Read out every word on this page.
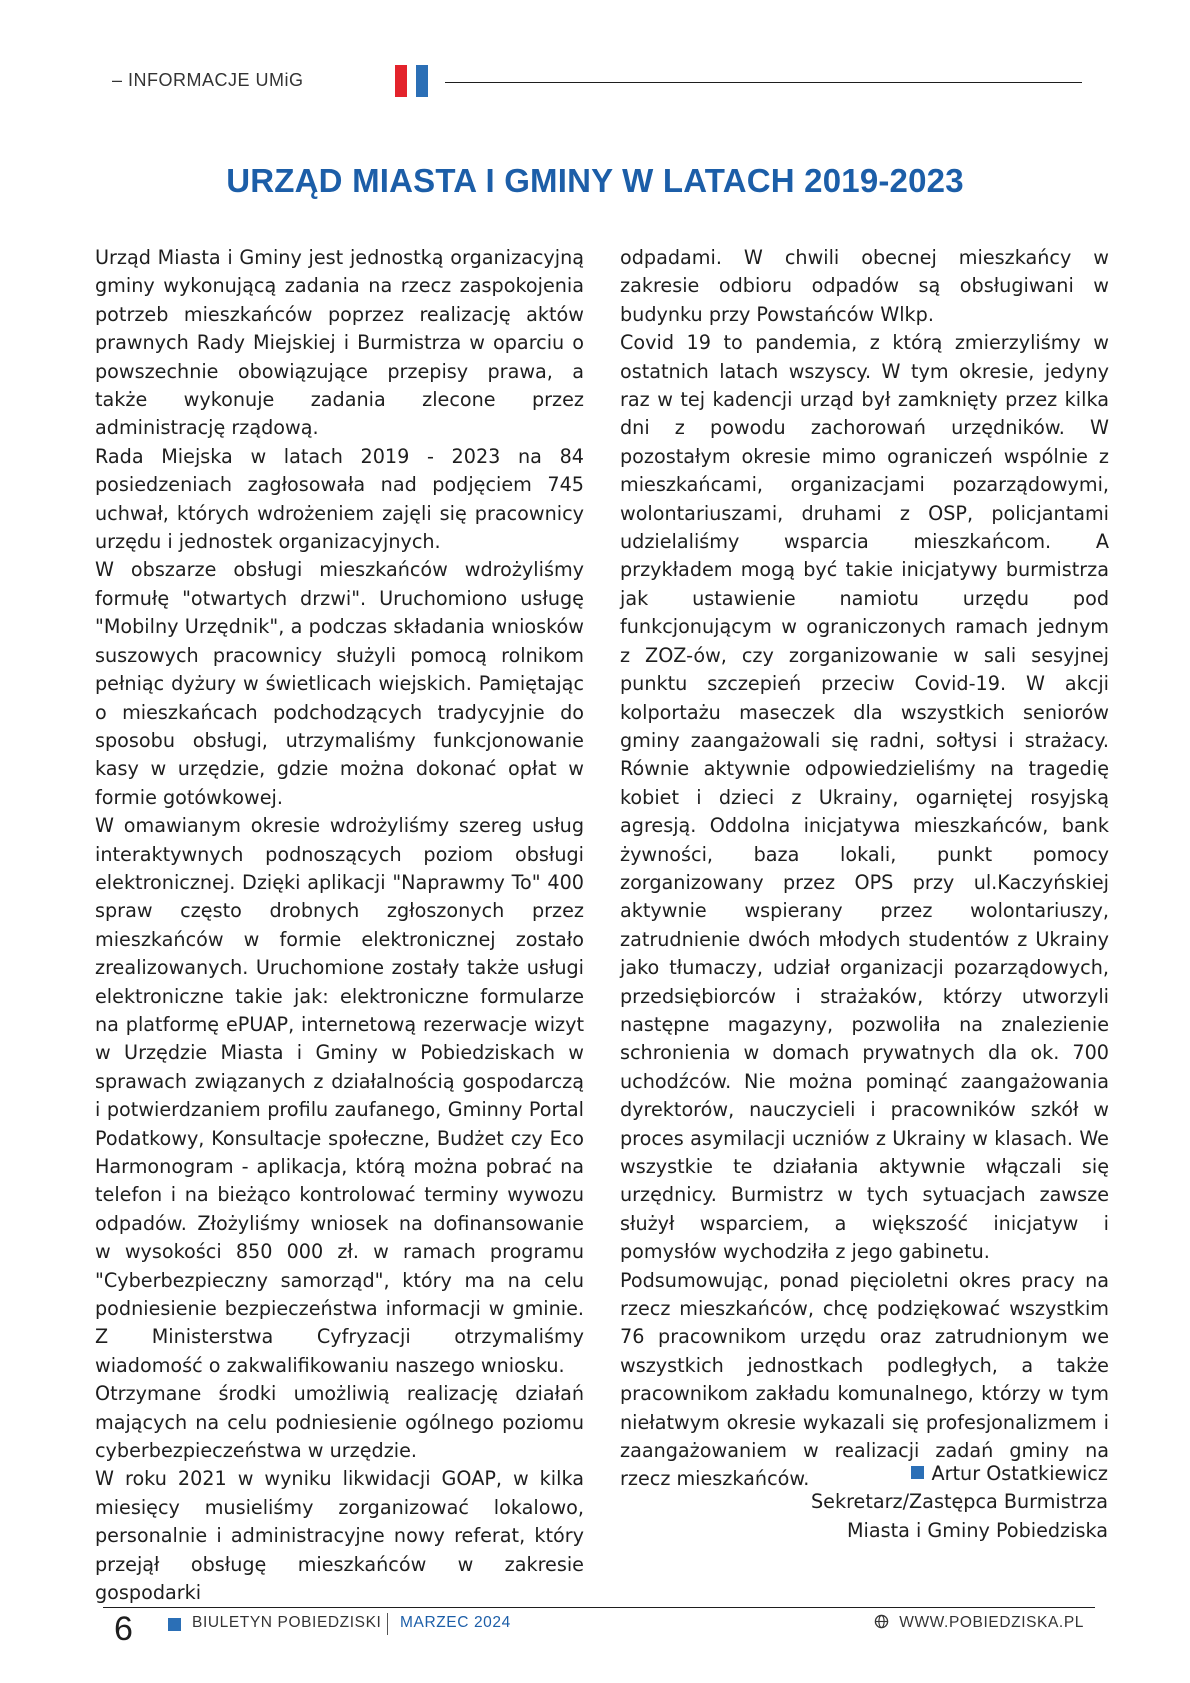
– INFORMACJE UMiG
URZĄD MIASTA I GMINY W LATACH 2019-2023

Urząd Miasta i Gminy jest jednostką organizacyjną gminy wykonującą zadania na rzecz zaspokojenia potrzeb mieszkańców poprzez realizację aktów prawnych Rady Miejskiej i Burmistrza w oparciu o powszechnie obowiązujące przepisy prawa, a także wykonuje zadania zlecone przez administrację rządową.

Rada Miejska w latach 2019 - 2023 na 84 posiedzeniach zagłosowała nad podjęciem 745 uchwał, których wdrożeniem zajęli się pracownicy urzędu i jednostek organizacyjnych.

W obszarze obsługi mieszkańców wdrożyliśmy formułę "otwartych drzwi". Uruchomiono usługę "Mobilny Urzędnik", a podczas składania wniosków suszowych pracownicy służyli pomocą rolnikom pełniąc dyżury w świetlicach wiejskich. Pamiętając o mieszkańcach podchodzących tradycyjnie do sposobu obsługi, utrzymaliśmy funkcjonowanie kasy w urzędzie, gdzie można dokonać opłat w formie gotówkowej.

W omawianym okresie wdrożyliśmy szereg usług interaktywnych podnoszących poziom obsługi elektronicznej. Dzięki aplikacji "Naprawmy To" 400 spraw często drobnych zgłoszonych przez mieszkańców w formie elektronicznej zostało zrealizowanych. Uruchomione zostały także usługi elektroniczne takie jak: elektroniczne formularze na platformę ePUAP, internetową rezerwacje wizyt w Urzędzie Miasta i Gminy w Pobiedziskach w sprawach związanych z działalnością gospodarczą i potwierdzaniem profilu zaufanego, Gminny Portal Podatkowy, Konsultacje społeczne, Budżet czy Eco Harmonogram - aplikacja, którą można pobrać na telefon i na bieżąco kontrolować terminy wywozu odpadów. Złożyliśmy wniosek na dofinansowanie w wysokości 850 000 zł. w ramach programu "Cyberbezpieczny samorząd", który ma na celu podniesienie bezpieczeństwa informacji w gminie. Z Ministerstwa Cyfryzacji otrzymaliśmy wiadomość o zakwalifikowaniu naszego wniosku.

Otrzymane środki umożliwią realizację działań mających na celu podniesienie ogólnego poziomu cyberbezpieczeństwa w urzędzie.

W roku 2021 w wyniku likwidacji GOAP, w kilka miesięcy musieliśmy zorganizować lokalowo, personalnie i administracyjne nowy referat, który przejął obsługę mieszkańców w zakresie gospodarki

odpadami. W chwili obecnej mieszkańcy w zakresie odbioru odpadów są obsługiwani w budynku przy Powstańców Wlkp.

Covid 19 to pandemia, z którą zmierzyliśmy w ostatnich latach wszyscy. W tym okresie, jedyny raz w tej kadencji urząd był zamknięty przez kilka dni z powodu zachorowań urzędników. W pozostałym okresie mimo ograniczeń wspólnie z mieszkańcami, organizacjami pozarządowymi, wolontariuszami, druhami z OSP, policjantami udzielaliśmy wsparcia mieszkańcom. A przykładem mogą być takie inicjatywy burmistrza jak ustawienie namiotu urzędu pod funkcjonującym w ograniczonych ramach jednym z ZOZ-ów, czy zorganizowanie w sali sesyjnej punktu szczepień przeciw Covid-19. W akcji kolportażu maseczek dla wszystkich seniorów gminy zaangażowali się radni, sołtysi i strażacy. Równie aktywnie odpowiedzieliśmy na tragedię kobiet i dzieci z Ukrainy, ogarniętej rosyjską agresją. Oddolna inicjatywa mieszkańców, bank żywności, baza lokali, punkt pomocy zorganizowany przez OPS przy ul.Kaczyńskiej aktywnie wspierany przez wolontariuszy, zatrudnienie dwóch młodych studentów z Ukrainy jako tłumaczy, udział organizacji pozarządowych, przedsiębiorców i strażaków, którzy utworzyli następne magazyny, pozwoliła na znalezienie schronienia w domach prywatnych dla ok. 700 uchodźców. Nie można pominąć zaangażowania dyrektorów, nauczycieli i pracowników szkół w proces asymilacji uczniów z Ukrainy w klasach. We wszystkie te działania aktywnie włączali się urzędnicy. Burmistrz w tych sytuacjach zawsze służył wsparciem, a większość inicjatyw i pomysłów wychodziła z jego gabinetu.

Podsumowując, ponad pięcioletni okres pracy na rzecz mieszkańców, chcę podziękować wszystkim 76 pracownikom urzędu oraz zatrudnionym we wszystkich jednostkach podległych, a także pracownikom zakładu komunalnego, którzy w tym niełatwym okresie wykazali się profesjonalizmem i zaangażowaniem w realizacji zadań gminy na rzecz mieszkańców.	Artur Ostatkiewicz
Sekretarz/Zastępca Burmistrza
Miasta i Gminy Pobiedziska
6	BIULETYN POBIEDZISKI MARZEC 2024	WWW.POBIEDZISKA.PL
